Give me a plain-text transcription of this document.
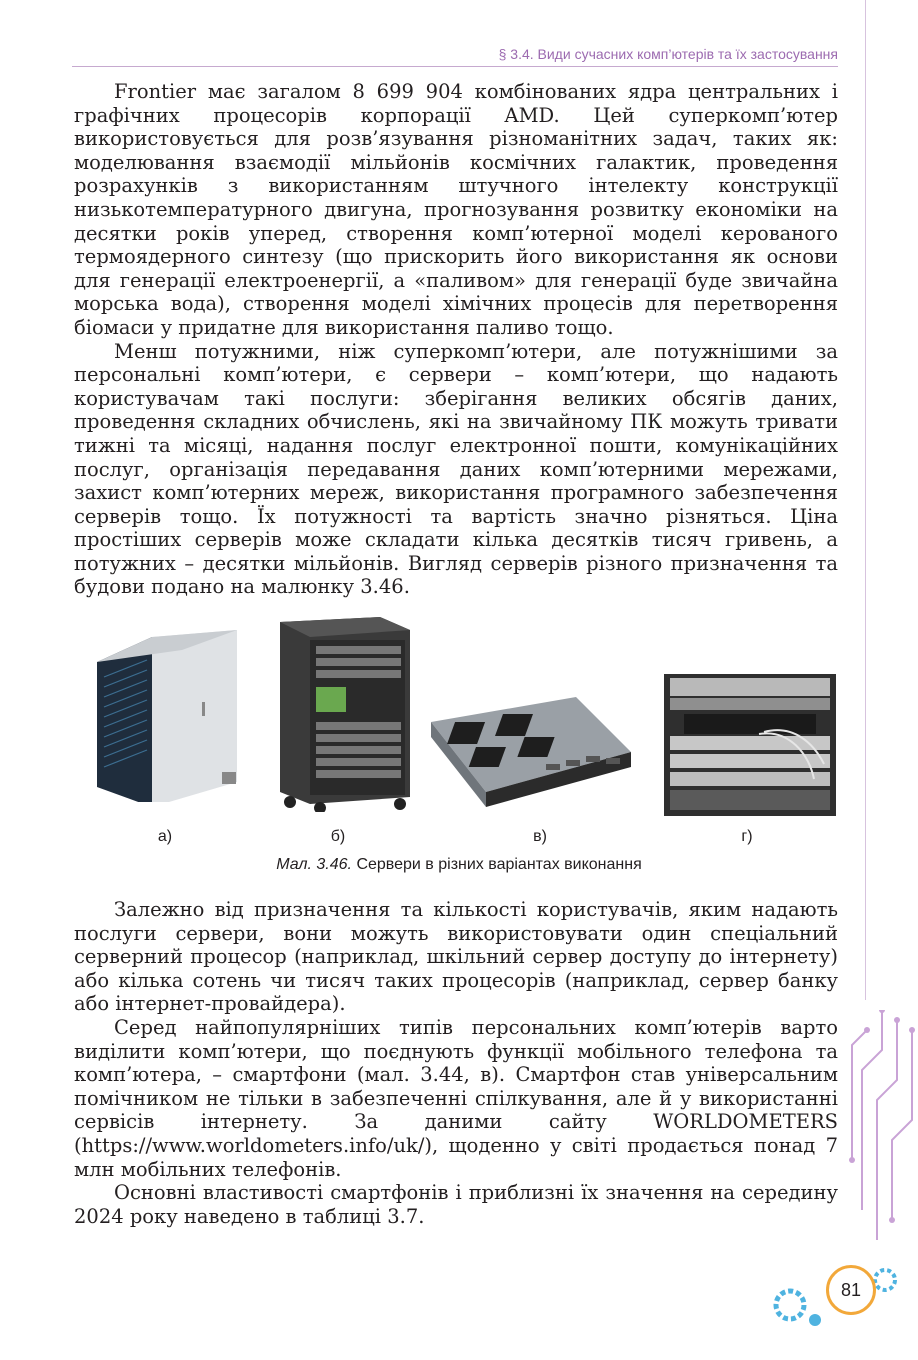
§ 3.4. Види сучасних комп’ютерів та їх застосування

Frontier має загалом 8 699 904 комбінованих ядра центральних і графічних процесорів корпорації AMD. Цей суперкомп’ютер використовується для розв’язування різноманітних задач, таких як: моделювання взаємодії мільйонів космічних галактик, проведення розрахунків з використанням штучного інтелекту конструкції низькотемпературного двигуна, прогнозування розвитку економіки на десятки років уперед, створення комп’ютерної моделі керованого термоядерного синтезу (що прискорить його використання як основи для генерації електроенергії, а «паливом» для генерації буде звичайна морська вода), створення моделі хімічних процесів для перетворення біомаси у придатне для використання паливо тощо.

Менш потужними, ніж суперкомп’ютери, але потужнішими за персональні комп’ютери, є сервери – комп’ютери, що надають користувачам такі послуги: зберігання великих обсягів даних, проведення складних обчислень, які на звичайному ПК можуть тривати тижні та місяці, надання послуг електронної пошти, комунікаційних послуг, організація передавання даних комп’ютерними мережами, захист комп’ютерних мереж, використання програмного забезпечення серверів тощо. Їх потужності та вартість значно різняться. Ціна простіших серверів може складати кілька десятків тисяч гривень, а потужних – десятки мільйонів. Вигляд серверів різного призначення та будови подано на малюнку 3.46.

а)	б)	в)	г)
Мал. 3.46. Сервери в різних варіантах виконання

Залежно від призначення та кількості користувачів, яким надають послуги сервери, вони можуть використовувати один спеціальний серверний процесор (наприклад, шкільний сервер доступу до інтернету) або кілька сотень чи тисяч таких процесорів (наприклад, сервер банку або інтернет-провайдера).

Серед найпопулярніших типів персональних комп’ютерів варто виділити комп’ютери, що поєднують функції мобільного телефона та комп’ютера, – смартфони (мал. 3.44, в). Смартфон став універсальним помічником не тільки в забезпеченні спілкування, але й у використанні сервісів інтернету. За даними сайту WORLDOMETERS (https://www.worldometers.info/uk/), щоденно у світі продається понад 7 млн мобільних телефонів.

Основні властивості смартфонів і приблизні їх значення на середину 2024 року наведено в таблиці 3.7.

81
